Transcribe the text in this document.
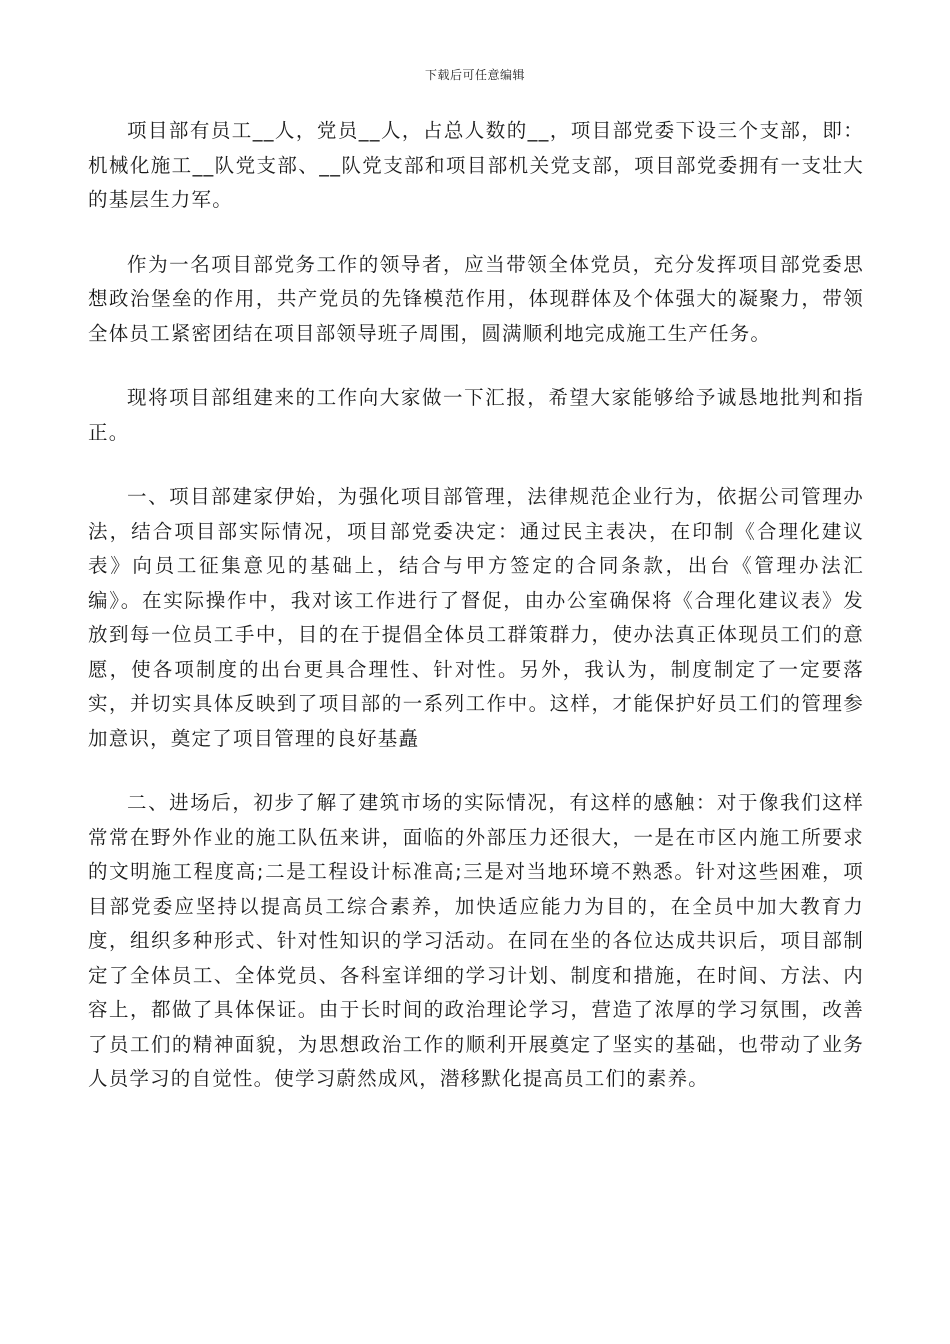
下载后可任意编辑

项目部有员工__人，党员__人，占总人数的__，项目部党委下设三个支部，即：机械化施工__队党支部、__队党支部和项目部机关党支部，项目部党委拥有一支壮大的基层生力军。

作为一名项目部党务工作的领导者，应当带领全体党员，充分发挥项目部党委思想政治堡垒的作用，共产党员的先锋模范作用，体现群体及个体强大的凝聚力，带领全体员工紧密团结在项目部领导班子周围，圆满顺利地完成施工生产任务。

现将项目部组建来的工作向大家做一下汇报，希望大家能够给予诚恳地批判和指正。

一、项目部建家伊始，为强化项目部管理，法律规范企业行为，依据公司管理办法，结合项目部实际情况，项目部党委决定：通过民主表决，在印制《合理化建议表》向员工征集意见的基础上，结合与甲方签定的合同条款，出台《管理办法汇编》。在实际操作中，我对该工作进行了督促，由办公室确保将《合理化建议表》发放到每一位员工手中，目的在于提倡全体员工群策群力，使办法真正体现员工们的意愿，使各项制度的出台更具合理性、针对性。另外，我认为，制度制定了一定要落实，并切实具体反映到了项目部的一系列工作中。这样，才能保护好员工们的管理参加意识，奠定了项目管理的良好基矗

二、进场后，初步了解了建筑市场的实际情况，有这样的感触：对于像我们这样常常在野外作业的施工队伍来讲，面临的外部压力还很大，一是在市区内施工所要求的文明施工程度高;二是工程设计标准高;三是对当地环境不熟悉。针对这些困难，项目部党委应坚持以提高员工综合素养，加快适应能力为目的，在全员中加大教育力度，组织多种形式、针对性知识的学习活动。在同在坐的各位达成共识后，项目部制定了全体员工、全体党员、各科室详细的学习计划、制度和措施，在时间、方法、内容上，都做了具体保证。由于长时间的政治理论学习，营造了浓厚的学习氛围，改善了员工们的精神面貌，为思想政治工作的顺利开展奠定了坚实的基础，也带动了业务人员学习的自觉性。使学习蔚然成风，潜移默化提高员工们的素养。
